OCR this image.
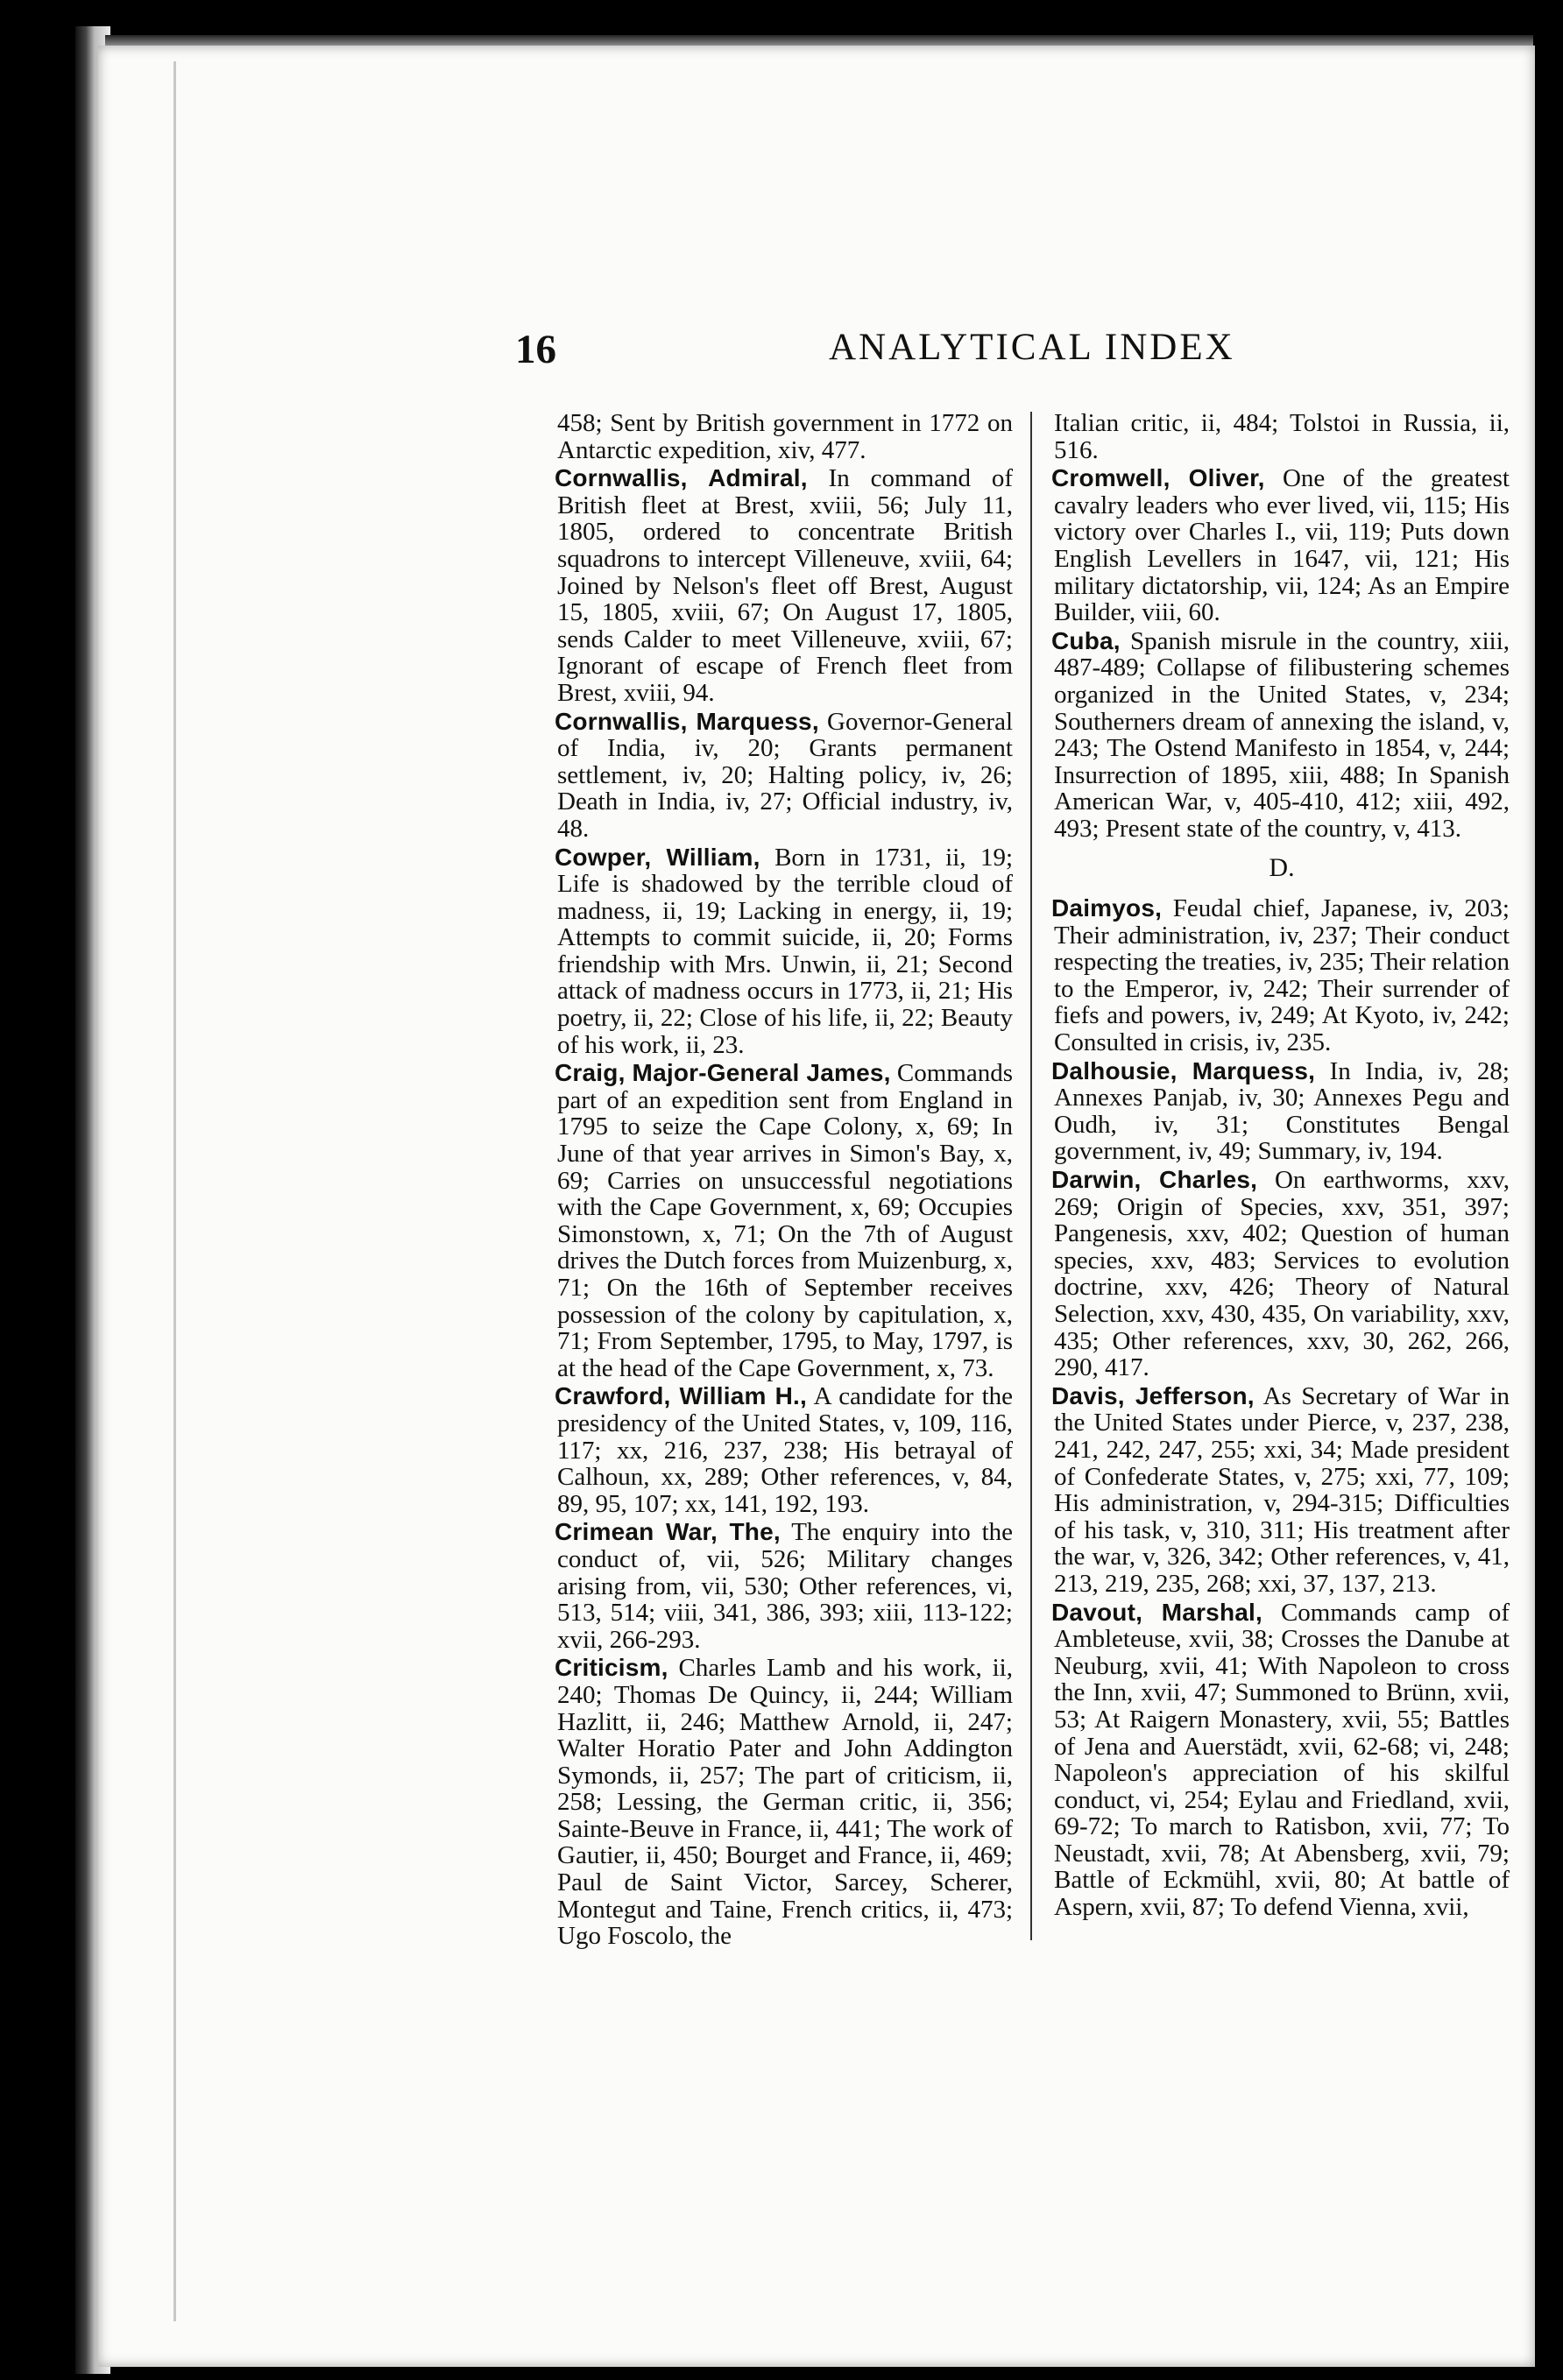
16	ANALYTICAL INDEX
458; Sent by British government in 1772 on Antarctic expedition, xiv, 477.
Cornwallis, Admiral, In command of British fleet at Brest, xviii, 56; July 11, 1805, ordered to concentrate British squadrons to intercept Villeneuve, xviii, 64; Joined by Nelson's fleet off Brest, August 15, 1805, xviii, 67; On August 17, 1805, sends Calder to meet Villeneuve, xviii, 67; Ignorant of escape of French fleet from Brest, xviii, 94.
Cornwallis, Marquess, Governor-General of India, iv, 20; Grants permanent settlement, iv, 20; Halting policy, iv, 26; Death in India, iv, 27; Official industry, iv, 48.
Cowper, William, Born in 1731, ii, 19; Life is shadowed by the terrible cloud of madness, ii, 19; Lacking in energy, ii, 19; Attempts to commit suicide, ii, 20; Forms friendship with Mrs. Unwin, ii, 21; Second attack of madness occurs in 1773, ii, 21; His poetry, ii, 22; Close of his life, ii, 22; Beauty of his work, ii, 23.
Craig, Major-General James, Commands part of an expedition sent from England in 1795 to seize the Cape Colony, x, 69; In June of that year arrives in Simon's Bay, x, 69; Carries on unsuccessful negotiations with the Cape Government, x, 69; Occupies Simonstown, x, 71; On the 7th of August drives the Dutch forces from Muizenburg, x, 71; On the 16th of September receives possession of the colony by capitulation, x, 71; From September, 1795, to May, 1797, is at the head of the Cape Government, x, 73.
Crawford, William H., A candidate for the presidency of the United States, v, 109, 116, 117; xx, 216, 237, 238; His betrayal of Calhoun, xx, 289; Other references, v, 84, 89, 95, 107; xx, 141, 192, 193.
Crimean War, The, The enquiry into the conduct of, vii, 526; Military changes arising from, vii, 530; Other references, vi, 513, 514; viii, 341, 386, 393; xiii, 113-122; xvii, 266-293.
Criticism, Charles Lamb and his work, ii, 240; Thomas De Quincy, ii, 244; William Hazlitt, ii, 246; Matthew Arnold, ii, 247; Walter Horatio Pater and John Addington Symonds, ii, 257; The part of criticism, ii, 258; Lessing, the German critic, ii, 356; Sainte-Beuve in France, ii, 441; The work of Gautier, ii, 450; Bourget and France, ii, 469; Paul de Saint Victor, Sarcey, Scherer, Montegut and Taine, French critics, ii, 473; Ugo Foscolo, the
Italian critic, ii, 484; Tolstoi in Russia, ii, 516.
Cromwell, Oliver, One of the greatest cavalry leaders who ever lived, vii, 115; His victory over Charles I., vii, 119; Puts down English Levellers in 1647, vii, 121; His military dictatorship, vii, 124; As an Empire Builder, viii, 60.
Cuba, Spanish misrule in the country, xiii, 487-489; Collapse of filibustering schemes organized in the United States, v, 234; Southerners dream of annexing the island, v, 243; The Ostend Manifesto in 1854, v, 244; Insurrection of 1895, xiii, 488; In Spanish American War, v, 405-410, 412; xiii, 492, 493; Present state of the country, v, 413.
D.
Daimyos, Feudal chief, Japanese, iv, 203; Their administration, iv, 237; Their conduct respecting the treaties, iv, 235; Their relation to the Emperor, iv, 242; Their surrender of fiefs and powers, iv, 249; At Kyoto, iv, 242; Consulted in crisis, iv, 235.
Dalhousie, Marquess, In India, iv, 28; Annexes Panjab, iv, 30; Annexes Pegu and Oudh, iv, 31; Constitutes Bengal government, iv, 49; Summary, iv, 194.
Darwin, Charles, On earthworms, xxv, 269; Origin of Species, xxv, 351, 397; Pangenesis, xxv, 402; Question of human species, xxv, 483; Services to evolution doctrine, xxv, 426; Theory of Natural Selection, xxv, 430, 435, On variability, xxv, 435; Other references, xxv, 30, 262, 266, 290, 417.
Davis, Jefferson, As Secretary of War in the United States under Pierce, v, 237, 238, 241, 242, 247, 255; xxi, 34; Made president of Confederate States, v, 275; xxi, 77, 109; His administration, v, 294-315; Difficulties of his task, v, 310, 311; His treatment after the war, v, 326, 342; Other references, v, 41, 213, 219, 235, 268; xxi, 37, 137, 213.
Davout, Marshal, Commands camp of Ambleteuse, xvii, 38; Crosses the Danube at Neuburg, xvii, 41; With Napoleon to cross the Inn, xvii, 47; Summoned to Brünn, xvii, 53; At Raigern Monastery, xvii, 55; Battles of Jena and Auerstädt, xvii, 62-68; vi, 248; Napoleon's appreciation of his skilful conduct, vi, 254; Eylau and Friedland, xvii, 69-72; To march to Ratisbon, xvii, 77; To Neustadt, xvii, 78; At Abensberg, xvii, 79; Battle of Eckmühl, xvii, 80; At battle of Aspern, xvii, 87; To defend Vienna, xvii,
